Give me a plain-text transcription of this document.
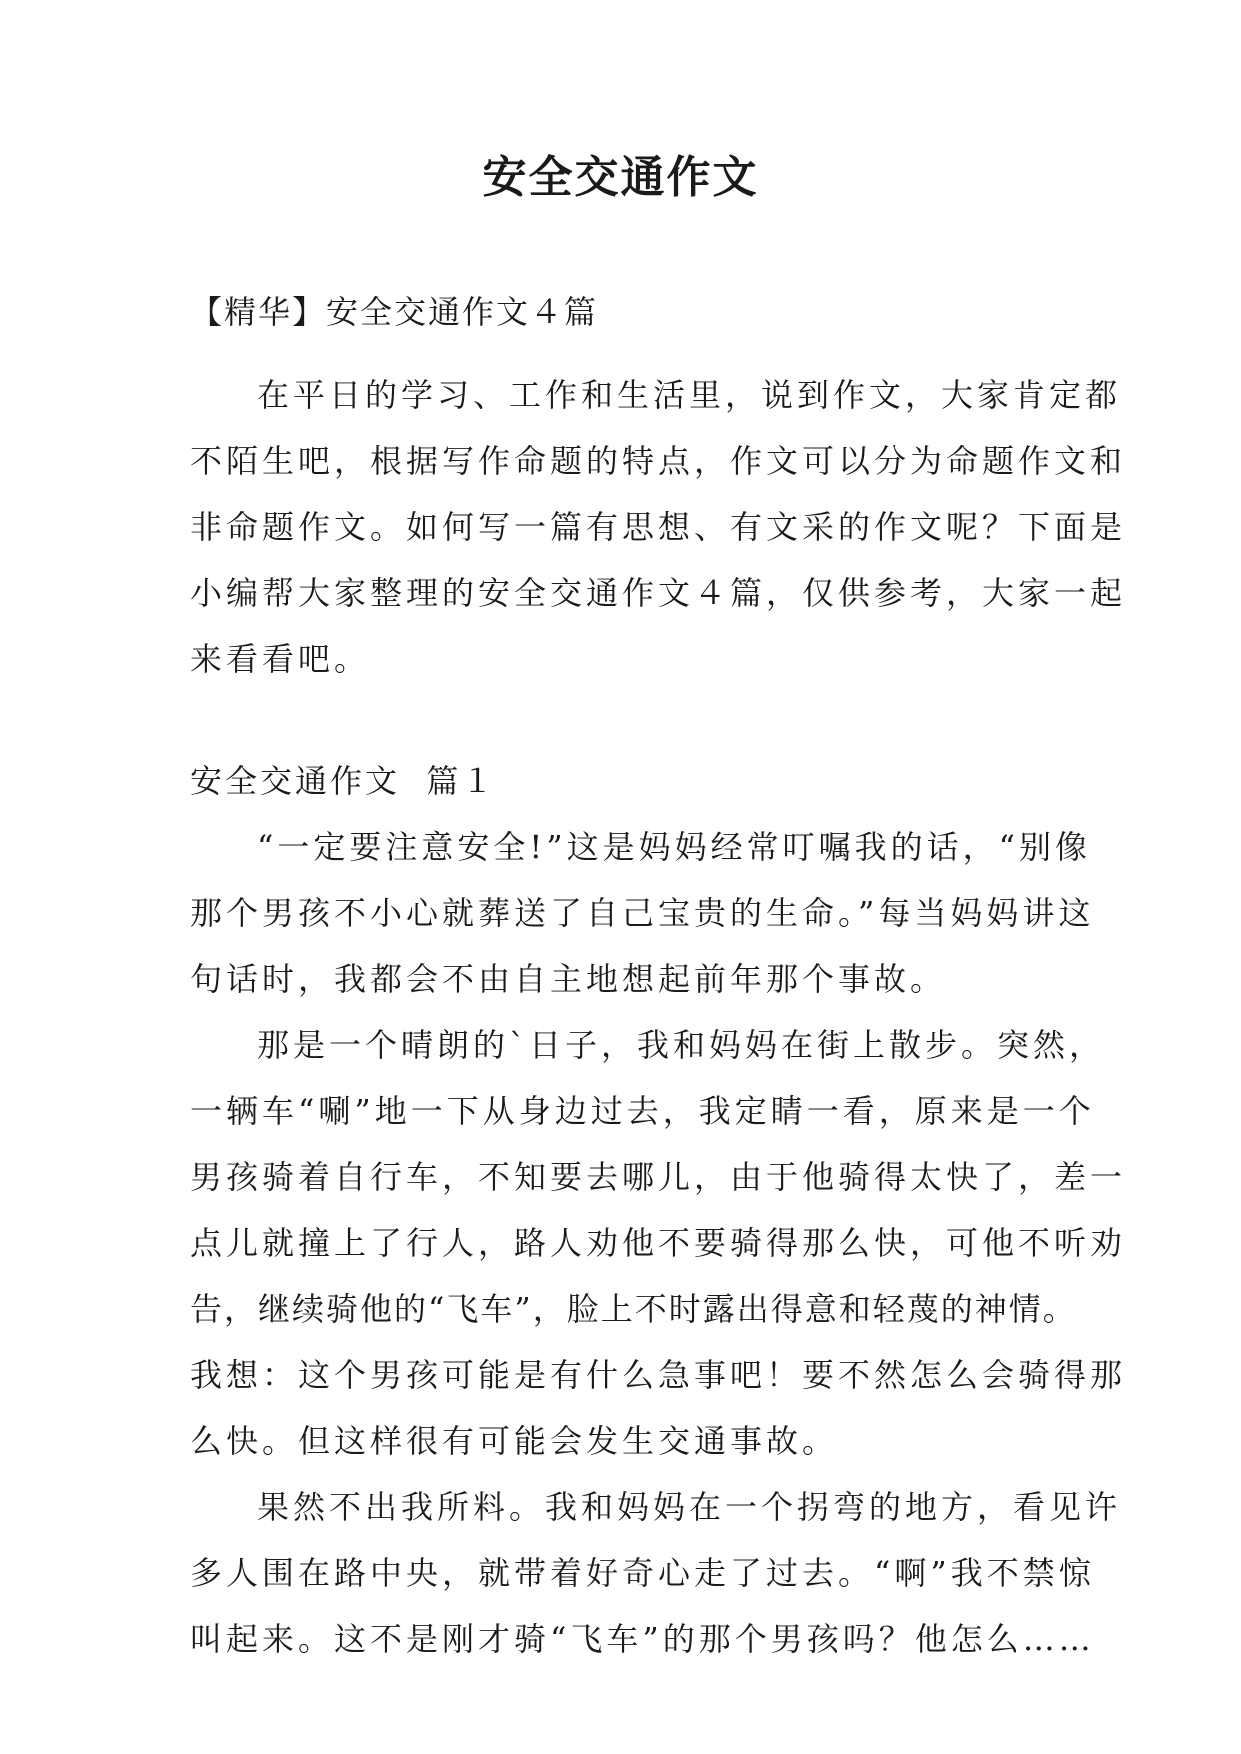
安全交通作文

【精华】安全交通作文４篇

在平日的学习、工作和生活里，说到作文，大家肯定都

不陌生吧，根据写作命题的特点，作文可以分为命题作文和

非命题作文。如何写一篇有思想、有文采的作文呢？下面是

小编帮大家整理的安全交通作文４篇，仅供参考，大家一起

来看看吧。

安全交通作文  篇１

“一定要注意安全!”这是妈妈经常叮嘱我的话，“别像

那个男孩不小心就葬送了自己宝贵的生命。”每当妈妈讲这

句话时，我都会不由自主地想起前年那个事故。

那是一个晴朗的`日子，我和妈妈在街上散步。突然，

一辆车“唰”地一下从身边过去，我定睛一看，原来是一个

男孩骑着自行车，不知要去哪儿，由于他骑得太快了，差一

点儿就撞上了行人，路人劝他不要骑得那么快，可他不听劝

告，继续骑他的“飞车”，脸上不时露出得意和轻蔑的神情。

我想：这个男孩可能是有什么急事吧！要不然怎么会骑得那

么快。但这样很有可能会发生交通事故。

果然不出我所料。我和妈妈在一个拐弯的地方，看见许

多人围在路中央，就带着好奇心走了过去。“啊”我不禁惊

叫起来。这不是刚才骑“飞车”的那个男孩吗？他怎么……
